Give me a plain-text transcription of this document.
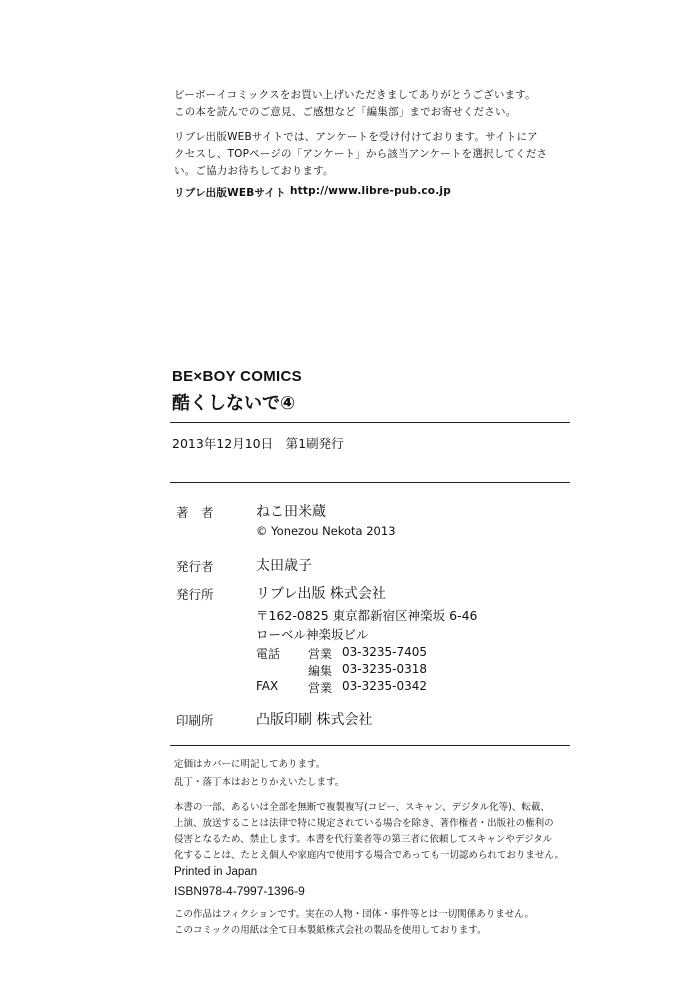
ビーボーイコミックスをお買い上げいただきましてありがとうございます。
この本を読んでのご意見、ご感想など「編集部」までお寄せください。
リブレ出版WEBサイトでは、アンケートを受け付けております。サイトにア
クセスし、TOPページの「アンケート」から該当アンケートを選択してくださ
い。ご協力お待ちしております。
リブレ出版WEBサイト http://www.libre-pub.co.jp
BE×BOY COMICS
酷くしないで④
2013年12月10日　第1刷発行
著　者	ねこ田米蔵
© Yonezou Nekota 2013
発行者	太田歳子
発行所	リブレ出版 株式会社
〒162-0825 東京都新宿区神楽坂 6-46
ローベル神楽坂ビル
電話 営業 03-3235-7405
編集 03-3235-0318
FAX 営業 03-3235-0342
印刷所	凸版印刷 株式会社
定価はカバーに明記してあります。
乱丁・落丁本はおとりかえいたします。
本書の一部、あるいは全部を無断で複製複写(コピー、スキャン、デジタル化等)、転載、
上演、放送することは法律で特に規定されている場合を除き、著作権者・出版社の権利の
侵害となるため、禁止します。本書を代行業者等の第三者に依頼してスキャンやデジタル
化することは、たとえ個人や家庭内で使用する場合であっても一切認められておりません。
Printed in Japan
ISBN978-4-7997-1396-9
この作品はフィクションです。実在の人物・団体・事件等とは一切関係ありません。
このコミックの用紙は全て日本製紙株式会社の製品を使用しております。
